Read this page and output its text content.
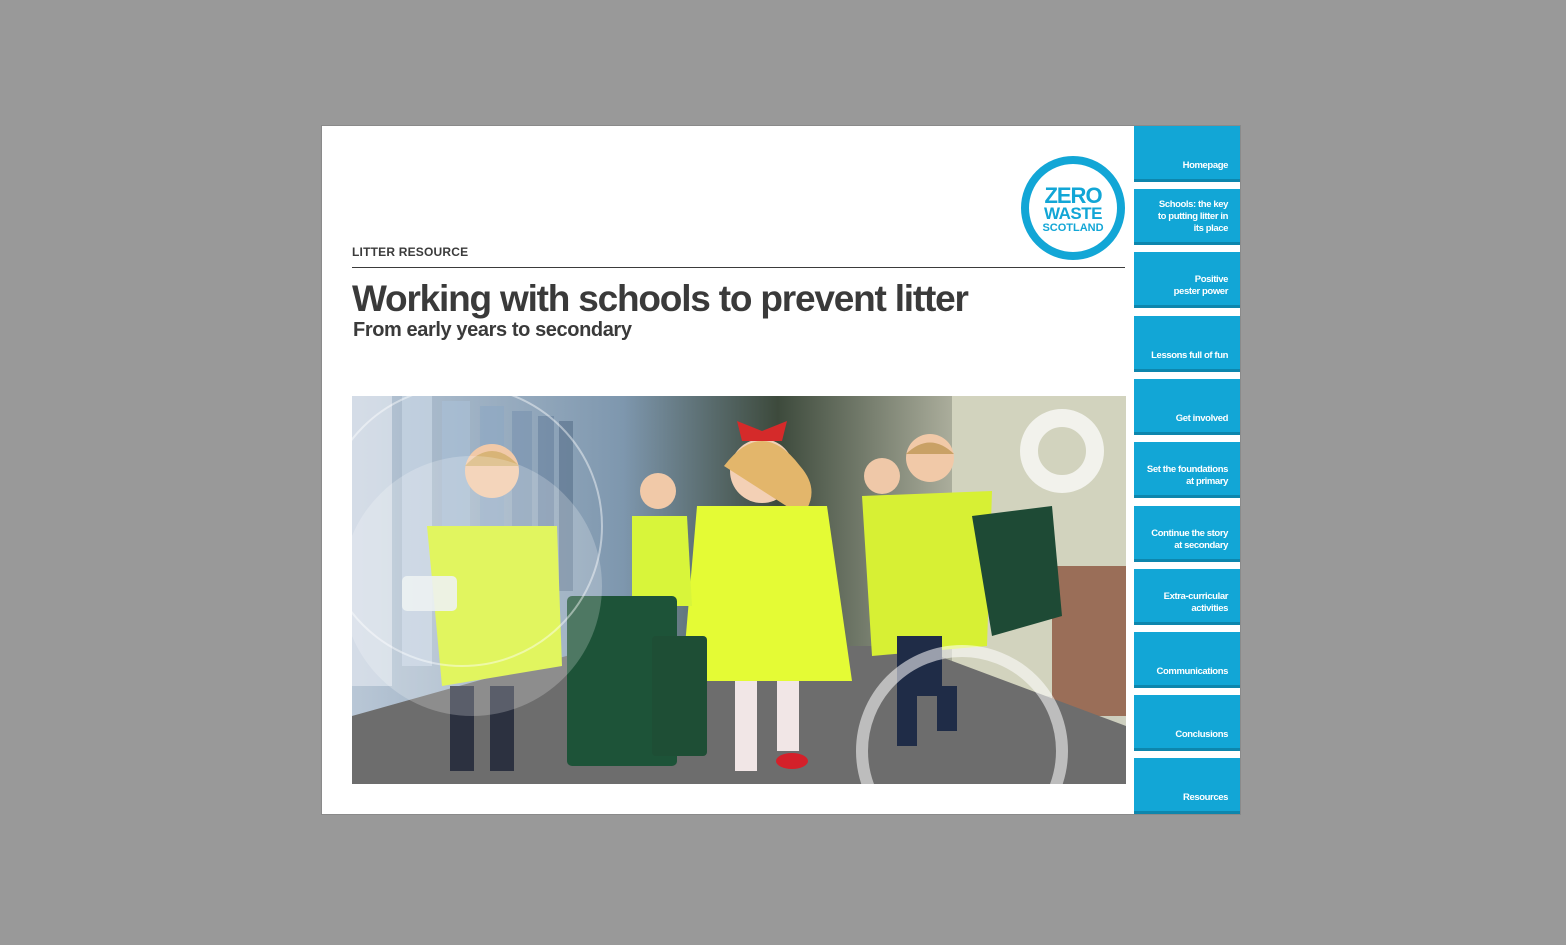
LITTER RESOURCE
Working with schools to prevent litter
From early years to secondary
ZERO
WASTE
SCOTLAND
Homepage
Schools: the key
to putting litter in
its place
Positive
pester power
Lessons full of fun
Get involved
Set the foundations
at primary
Continue the story
at secondary
Extra-curricular
activities
Communications
Conclusions
Resources
